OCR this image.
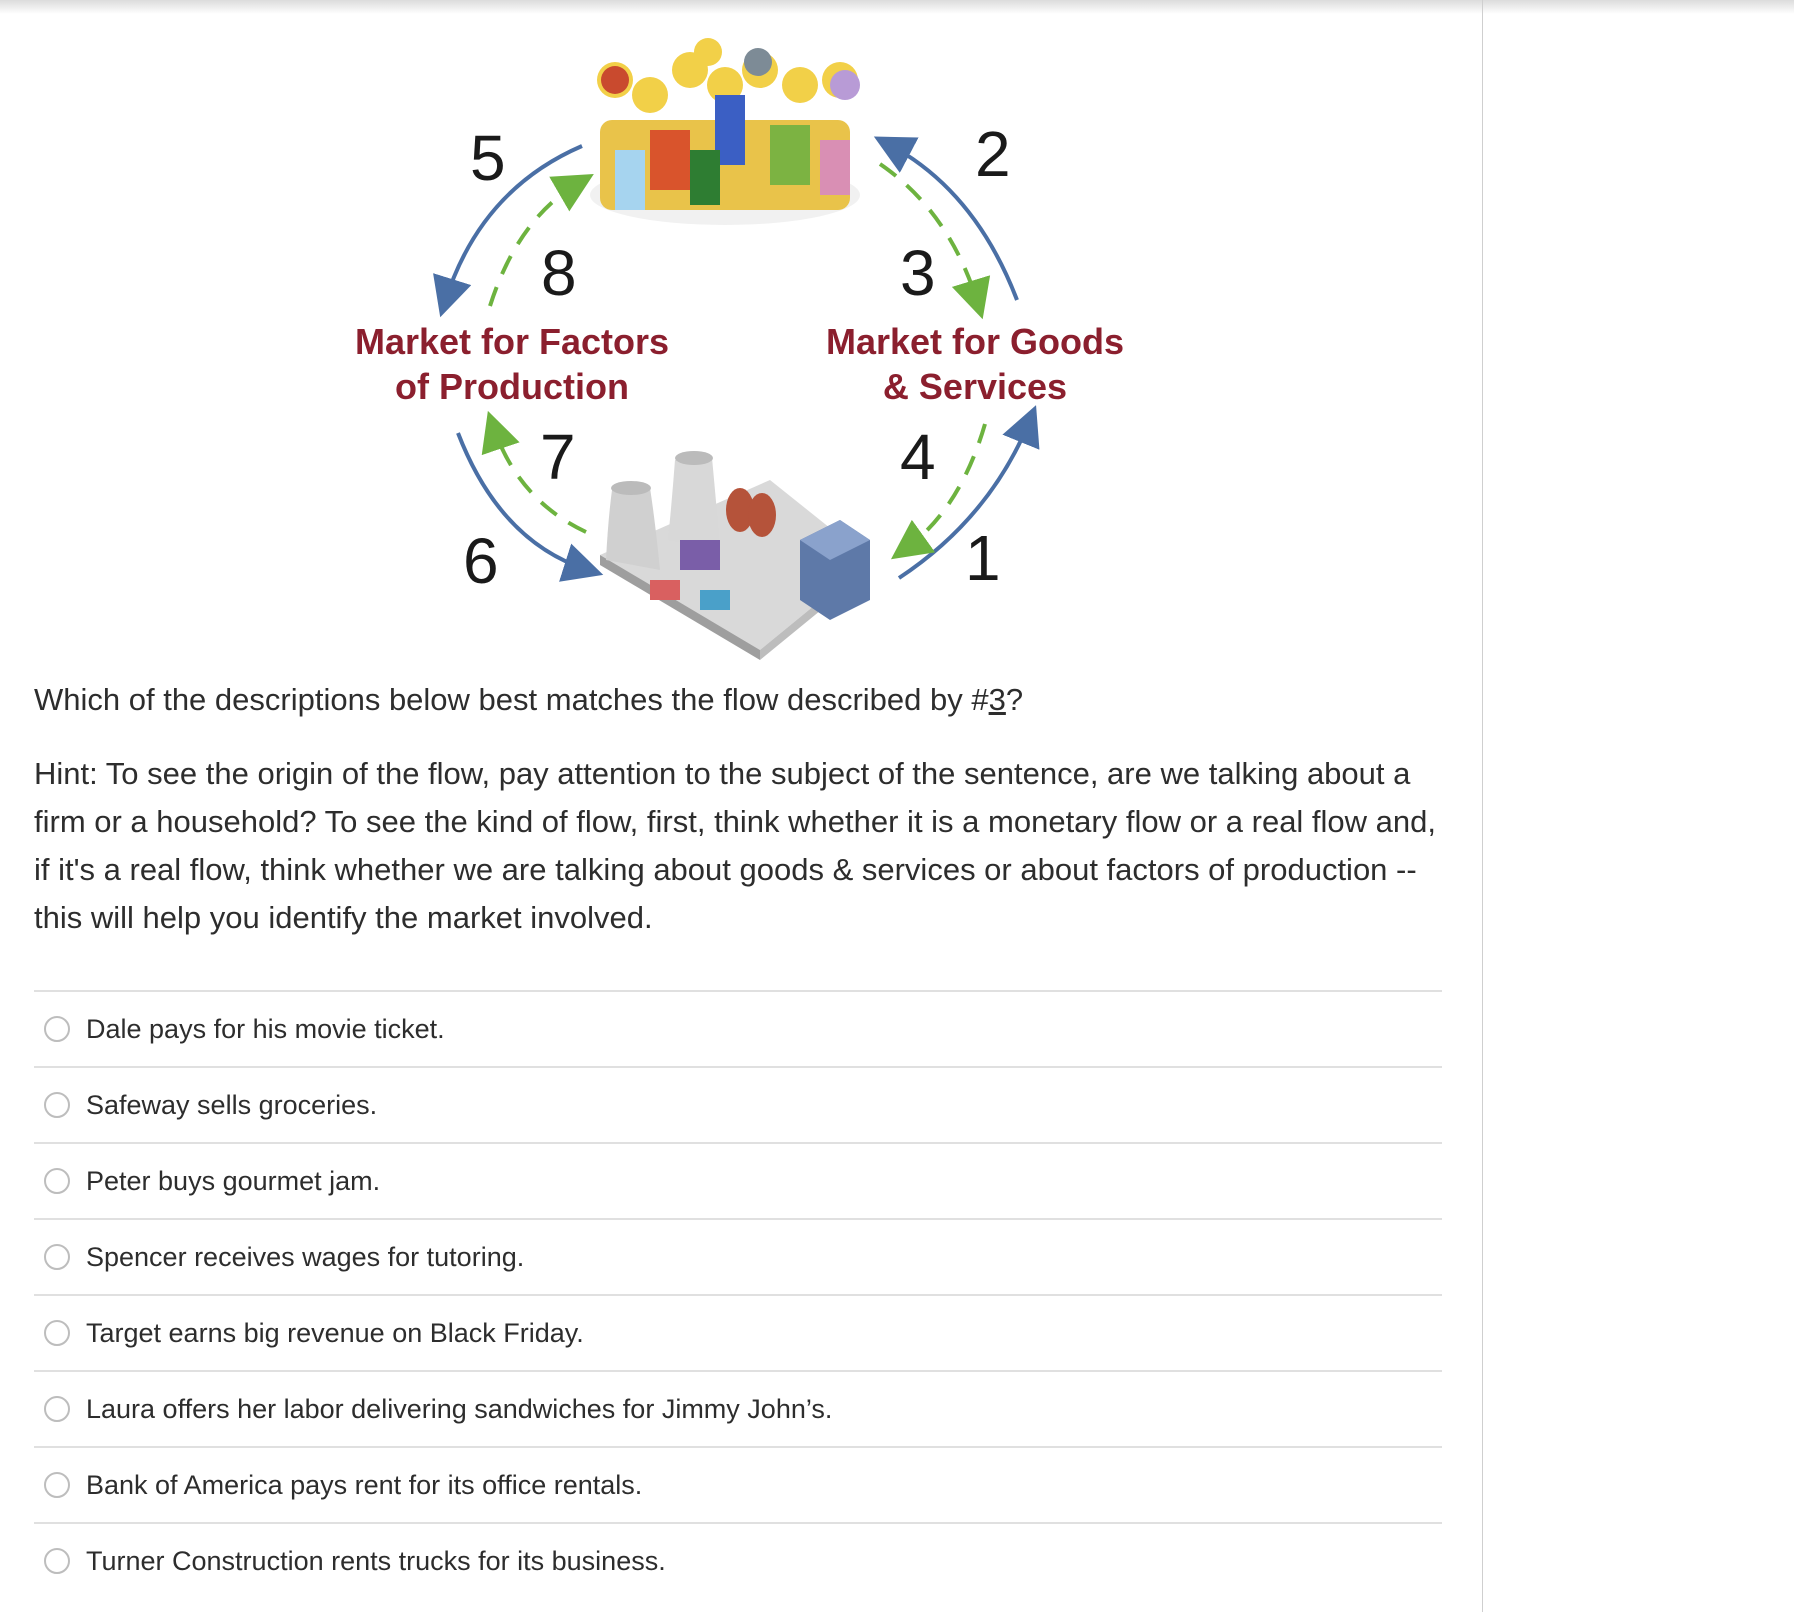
5	2
8	3
7	4
6	1
Market for Factors
of Production
Market for Goods
& Services
Which of the descriptions below best matches the flow described by #3?
Hint: To see the origin of the flow, pay attention to the subject of the sentence, are we talking about a firm or a household? To see the kind of flow, first, think whether it is a monetary flow or a real flow and, if it's a real flow, think whether we are talking about goods & services or about factors of production -- this will help you identify the market involved.
Dale pays for his movie ticket.
Safeway sells groceries.
Peter buys gourmet jam.
Spencer receives wages for tutoring.
Target earns big revenue on Black Friday.
Laura offers her labor delivering sandwiches for Jimmy John’s.
Bank of America pays rent for its office rentals.
Turner Construction rents trucks for its business.
